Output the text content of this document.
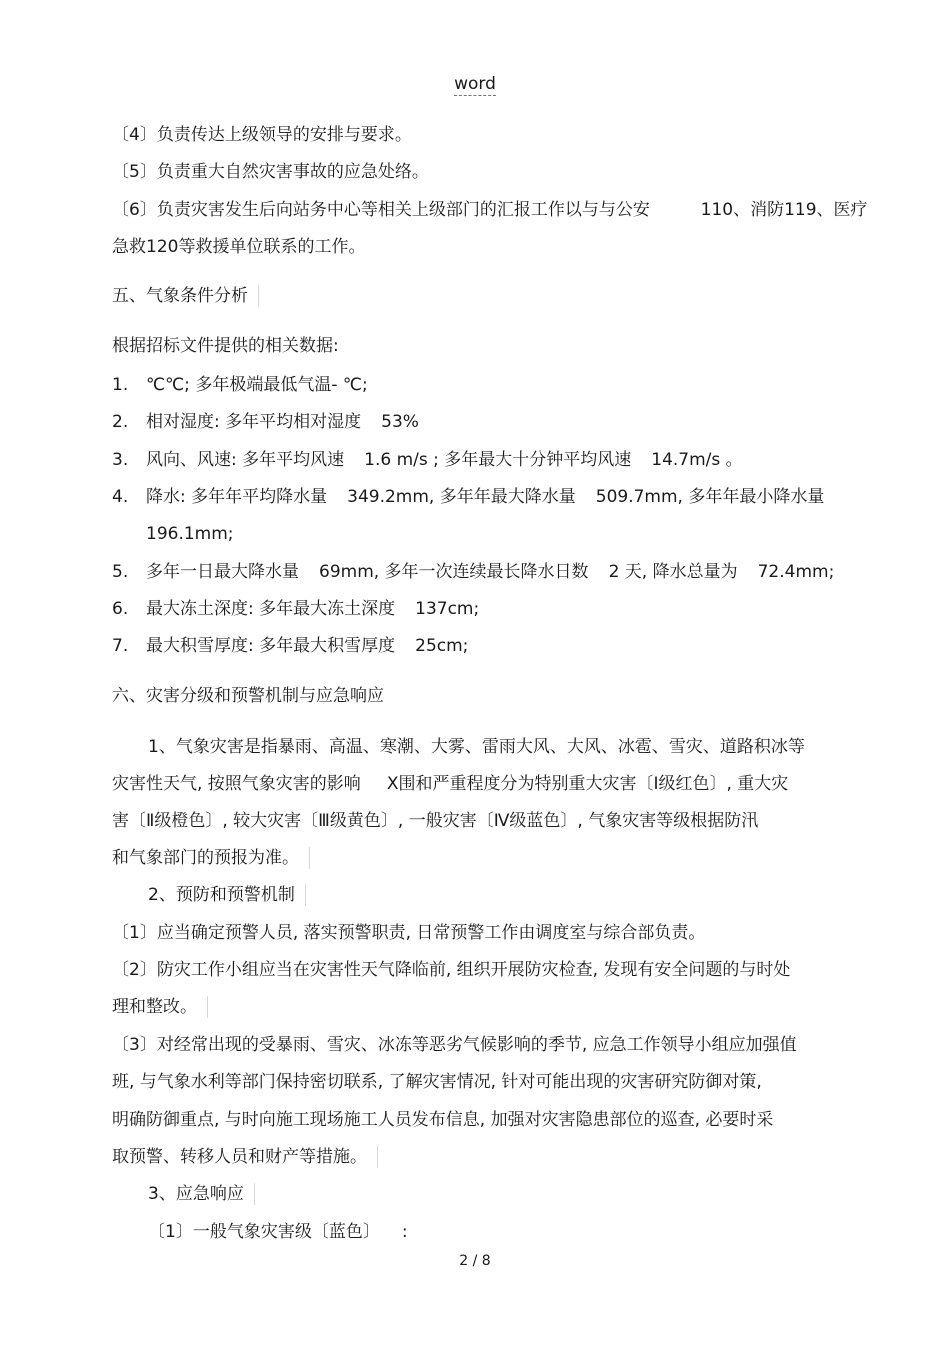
word
〔4〕负责传达上级领导的安排与要求。
〔5〕负责重大自然灾害事故的应急处络。
〔6〕负责灾害发生后向站务中心等相关上级部门的汇报工作以与与公安	110、消防119、医疗
急救120等救援单位联系的工作。
五、气象条件分析
根据招标文件提供的相关数据:
1. ℃℃; 多年极端最低气温- ℃;
2. 相对湿度: 多年平均相对湿度 53%
3. 风向、风速: 多年平均风速 1.6 m/s ; 多年最大十分钟平均风速 14.7m/s 。
4. 降水: 多年年平均降水量 349.2mm, 多年年最大降水量 509.7mm, 多年年最小降水量
196.1mm;
5. 多年一日最大降水量 69mm, 多年一次连续最长降水日数 2 天, 降水总量为 72.4mm;
6. 最大冻土深度: 多年最大冻土深度 137cm;
7. 最大积雪厚度: 多年最大积雪厚度 25cm;
六、灾害分级和预警机制与应急响应
1、气象灾害是指暴雨、高温、寒潮、大雾、雷雨大风、大风、冰雹、雪灾、道路积冰等
灾害性天气, 按照气象灾害的影响 X围和严重程度分为特别重大灾害〔Ⅰ级红色〕, 重大灾
害〔Ⅱ级橙色〕, 较大灾害〔Ⅲ级黄色〕, 一般灾害〔Ⅳ级蓝色〕, 气象灾害等级根据防汛
和气象部门的预报为准。
2、预防和预警机制
〔1〕应当确定预警人员, 落实预警职责, 日常预警工作由调度室与综合部负责。
〔2〕防灾工作小组应当在灾害性天气降临前, 组织开展防灾检查, 发现有安全问题的与时处
理和整改。
〔3〕对经常出现的受暴雨、雪灾、冰冻等恶劣气候影响的季节, 应急工作领导小组应加强值
班, 与气象水利等部门保持密切联系, 了解灾害情况, 针对可能出现的灾害研究防御对策,
明确防御重点, 与时向施工现场施工人员发布信息, 加强对灾害隐患部位的巡查, 必要时采
取预警、转移人员和财产等措施。
3、应急响应
〔1〕一般气象灾害级〔蓝色〕 :
2 / 8
